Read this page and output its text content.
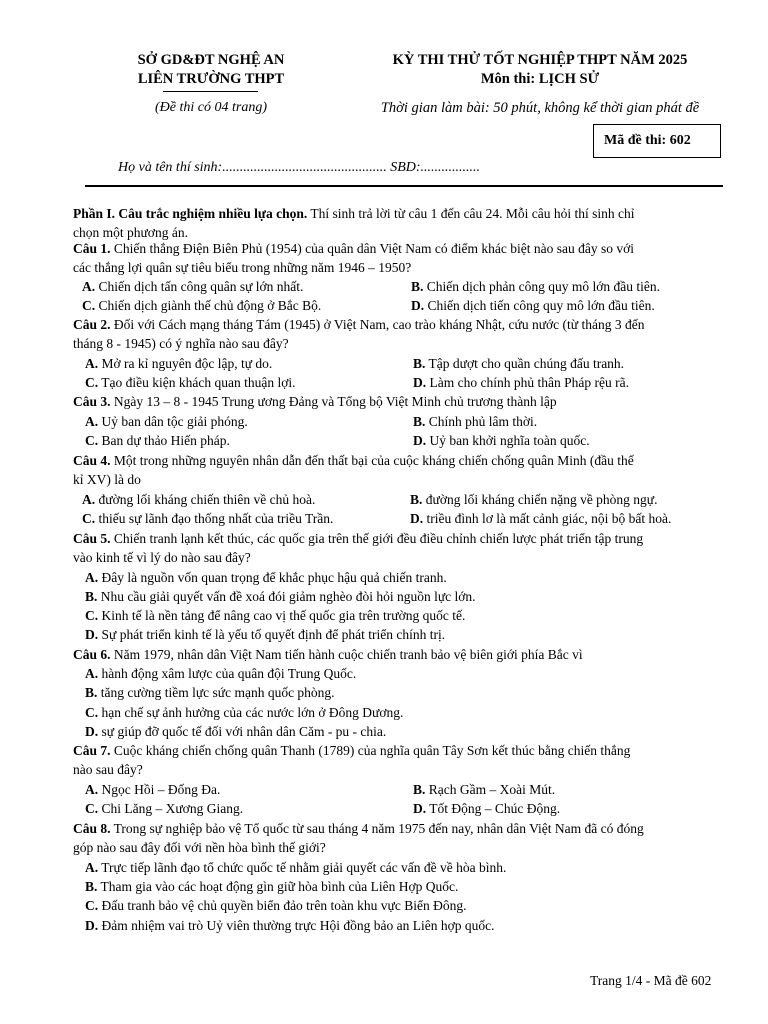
SỞ GD&ĐT NGHỆ AN
LIÊN TRƯỜNG THPT
(Đề thi có 04 trang)
KỲ THI THỬ TỐT NGHIỆP THPT NĂM 2025
Môn thi: LỊCH SỬ
Thời gian làm bài: 50 phút, không kể thời gian phát đề
Mã đề thi: 602
Họ và tên thí sinh:............................................... SBD:.................
Phần I. Câu trắc nghiệm nhiều lựa chọn. Thí sinh trả lời từ câu 1 đến câu 24. Mỗi câu hỏi thí sinh chỉ
chọn một phương án.
Câu 1. Chiến thắng Điện Biên Phủ (1954) của quân dân Việt Nam có điểm khác biệt nào sau đây so với
các thắng lợi quân sự tiêu biểu trong những năm 1946 – 1950?
A. Chiến dịch tấn công quân sự lớn nhất.	B. Chiến dịch phản công quy mô lớn đầu tiên.
C. Chiến dịch giành thế chủ động ở Bắc Bộ.	D. Chiến dịch tiến công quy mô lớn đầu tiên.
Câu 2. Đối với Cách mạng tháng Tám (1945) ở Việt Nam, cao trào kháng Nhật, cứu nước (từ tháng 3 đến
tháng 8 - 1945) có ý nghĩa nào sau đây?
A. Mở ra kỉ nguyên độc lập, tự do.	B. Tập dượt cho quần chúng đấu tranh.
C. Tạo điều kiện khách quan thuận lợi.	D. Làm cho chính phủ thân Pháp rệu rã.
Câu 3. Ngày 13 – 8 - 1945 Trung ương Đảng và Tổng bộ Việt Minh chủ trương thành lập
A. Uỷ ban dân tộc giải phóng.	B. Chính phủ lâm thời.
C. Ban dự thảo Hiến pháp.	D. Uỷ ban khởi nghĩa toàn quốc.
Câu 4. Một trong những nguyên nhân dẫn đến thất bại của cuộc kháng chiến chống quân Minh (đầu thế
kỉ XV) là do
A. đường lối kháng chiến thiên về chủ hoà.	B. đường lối kháng chiến nặng về phòng ngự.
C. thiếu sự lãnh đạo thống nhất của triều Trần.	D. triều đình lơ là mất cảnh giác, nội bộ bất hoà.
Câu 5. Chiến tranh lạnh kết thúc, các quốc gia trên thế giới đều điều chỉnh chiến lược phát triển tập trung
vào kinh tế vì lý do nào sau đây?
A. Đây là nguồn vốn quan trọng để khắc phục hậu quả chiến tranh.
B. Nhu cầu giải quyết vấn đề xoá đói giảm nghèo đòi hỏi nguồn lực lớn.
C. Kinh tế là nền tảng để nâng cao vị thế quốc gia trên trường quốc tế.
D. Sự phát triển kinh tế là yếu tố quyết định để phát triển chính trị.
Câu 6. Năm 1979, nhân dân Việt Nam tiến hành cuộc chiến tranh bảo vệ biên giới phía Bắc vì
A. hành động xâm lược của quân đội Trung Quốc.
B. tăng cường tiềm lực sức mạnh quốc phòng.
C. hạn chế sự ảnh hưởng của các nước lớn ở Đông Dương.
D. sự giúp đỡ quốc tế đối với nhân dân Căm - pu - chia.
Câu 7. Cuộc kháng chiến chống quân Thanh (1789) của nghĩa quân Tây Sơn kết thúc bằng chiến thắng
nào sau đây?
A. Ngọc Hồi – Đống Đa.	B. Rạch Gầm – Xoài Mút.
C. Chi Lăng – Xương Giang.	D. Tốt Động – Chúc Động.
Câu 8. Trong sự nghiệp bảo vệ Tổ quốc từ sau tháng 4 năm 1975 đến nay, nhân dân Việt Nam đã có đóng
góp nào sau đây đối với nền hòa bình thế giới?
A. Trực tiếp lãnh đạo tổ chức quốc tế nhằm giải quyết các vấn đề về hòa bình.
B. Tham gia vào các hoạt động gìn giữ hòa bình của Liên Hợp Quốc.
C. Đấu tranh bảo vệ chủ quyền biển đảo trên toàn khu vực Biển Đông.
D. Đảm nhiệm vai trò Uỷ viên thường trực Hội đồng bảo an Liên hợp quốc.
Trang 1/4 - Mã đề 602
